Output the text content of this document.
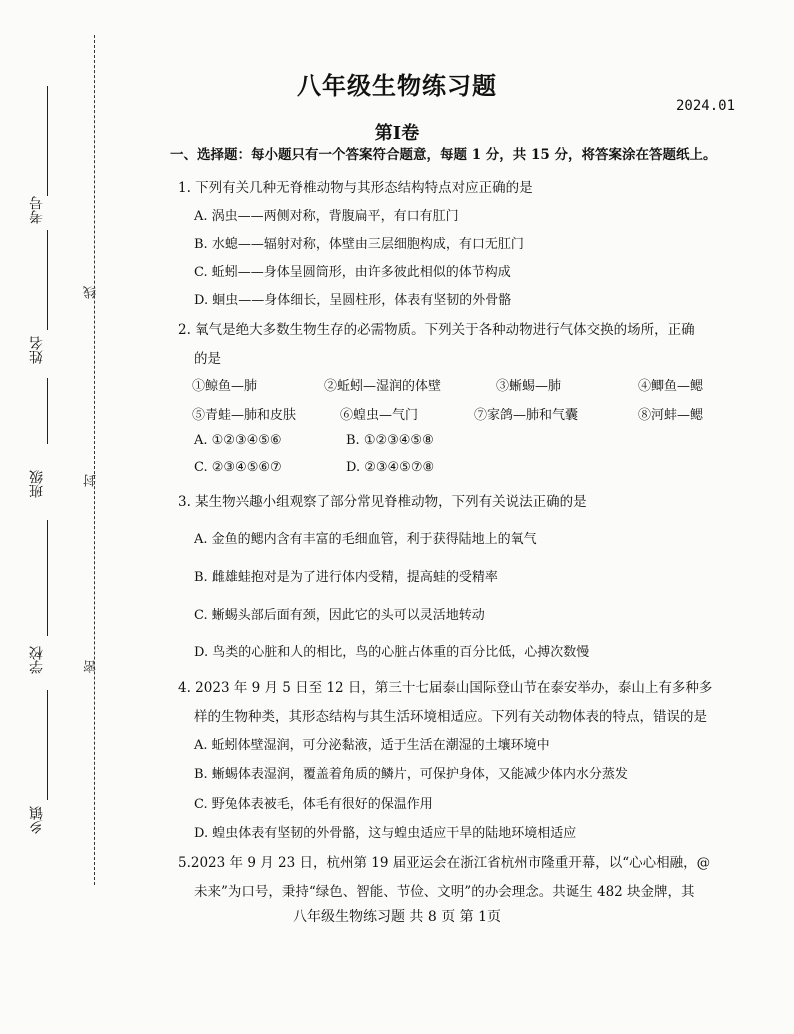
考号
姓名
班级
学校
乡镇
线
封
密
八年级生物练习题
2024.01
第Ⅰ卷
一、选择题：每小题只有一个答案符合题意，每题 1 分，共 15 分，将答案涂在答题纸上。
1. 下列有关几种无脊椎动物与其形态结构特点对应正确的是
A. 涡虫——两侧对称，背腹扁平，有口有肛门
B. 水螅——辐射对称，体壁由三层细胞构成，有口无肛门
C. 蚯蚓——身体呈圆筒形，由许多彼此相似的体节构成
D. 蛔虫——身体细长，呈圆柱形，体表有坚韧的外骨骼
2. 氧气是绝大多数生物生存的必需物质。下列关于各种动物进行气体交换的场所，正确
的是
①鲸鱼—肺	②蚯蚓—湿润的体壁	③蜥蜴—肺	④鲫鱼—鳃
⑤青蛙—肺和皮肤	⑥蝗虫—气门	⑦家鸽—肺和气囊	⑧河蚌—鳃
A. ①②③④⑤⑥	B. ①②③④⑤⑧
C. ②③④⑤⑥⑦	D. ②③④⑤⑦⑧
3. 某生物兴趣小组观察了部分常见脊椎动物，下列有关说法正确的是
A. 金鱼的鳃内含有丰富的毛细血管，利于获得陆地上的氧气
B. 雌雄蛙抱对是为了进行体内受精，提高蛙的受精率
C. 蜥蜴头部后面有颈，因此它的头可以灵活地转动
D. 鸟类的心脏和人的相比，鸟的心脏占体重的百分比低，心搏次数慢
4. 2023 年 9 月 5 日至 12 日，第三十七届泰山国际登山节在泰安举办，泰山上有多种多
样的生物种类，其形态结构与其生活环境相适应。下列有关动物体表的特点，错误的是
A. 蚯蚓体壁湿润，可分泌黏液，适于生活在潮湿的土壤环境中
B. 蜥蜴体表湿润，覆盖着角质的鳞片，可保护身体，又能减少体内水分蒸发
C. 野兔体表被毛，体毛有很好的保温作用
D. 蝗虫体表有坚韧的外骨骼，这与蝗虫适应干旱的陆地环境相适应
5.2023 年 9 月 23 日，杭州第 19 届亚运会在浙江省杭州市隆重开幕，以“心心相融，@
未来”为口号，秉持“绿色、智能、节俭、文明”的办会理念。共诞生 482 块金牌，其
八年级生物练习题 共 8 页 第 1页
